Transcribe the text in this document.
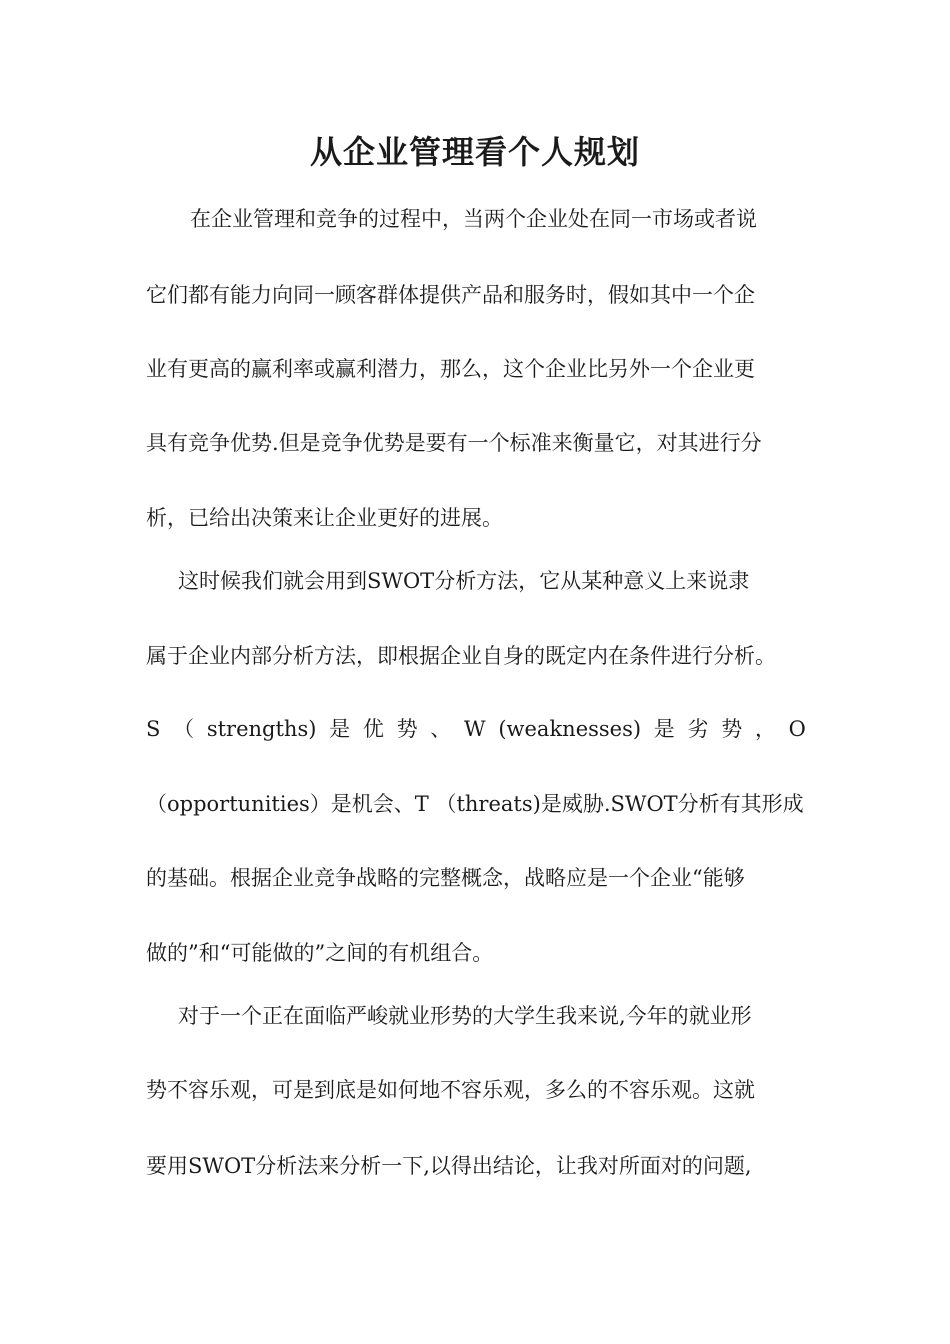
从企业管理看个人规划
在企业管理和竞争的过程中，当两个企业处在同一市场或者说
它们都有能力向同一顾客群体提供产品和服务时，假如其中一个企
业有更高的赢利率或赢利潜力，那么，这个企业比另外一个企业更
具有竞争优势.但是竞争优势是要有一个标准来衡量它，对其进行分
析，已给出决策来让企业更好的进展。
这时候我们就会用到SWOT分析方法，它从某种意义上来说隶
属于企业内部分析方法，即根据企业自身的既定内在条件进行分析。
S （ strengths) 是 优 势 、 W (weaknesses) 是 劣 势 ， O
（opportunities）是机会、T （threats)是威胁.SWOT分析有其形成
的基础。根据企业竞争战略的完整概念，战略应是一个企业“能够
做的”和“可能做的”之间的有机组合。
对于一个正在面临严峻就业形势的大学生我来说,今年的就业形
势不容乐观，可是到底是如何地不容乐观，多么的不容乐观。这就
要用SWOT分析法来分析一下,以得出结论，让我对所面对的问题,
